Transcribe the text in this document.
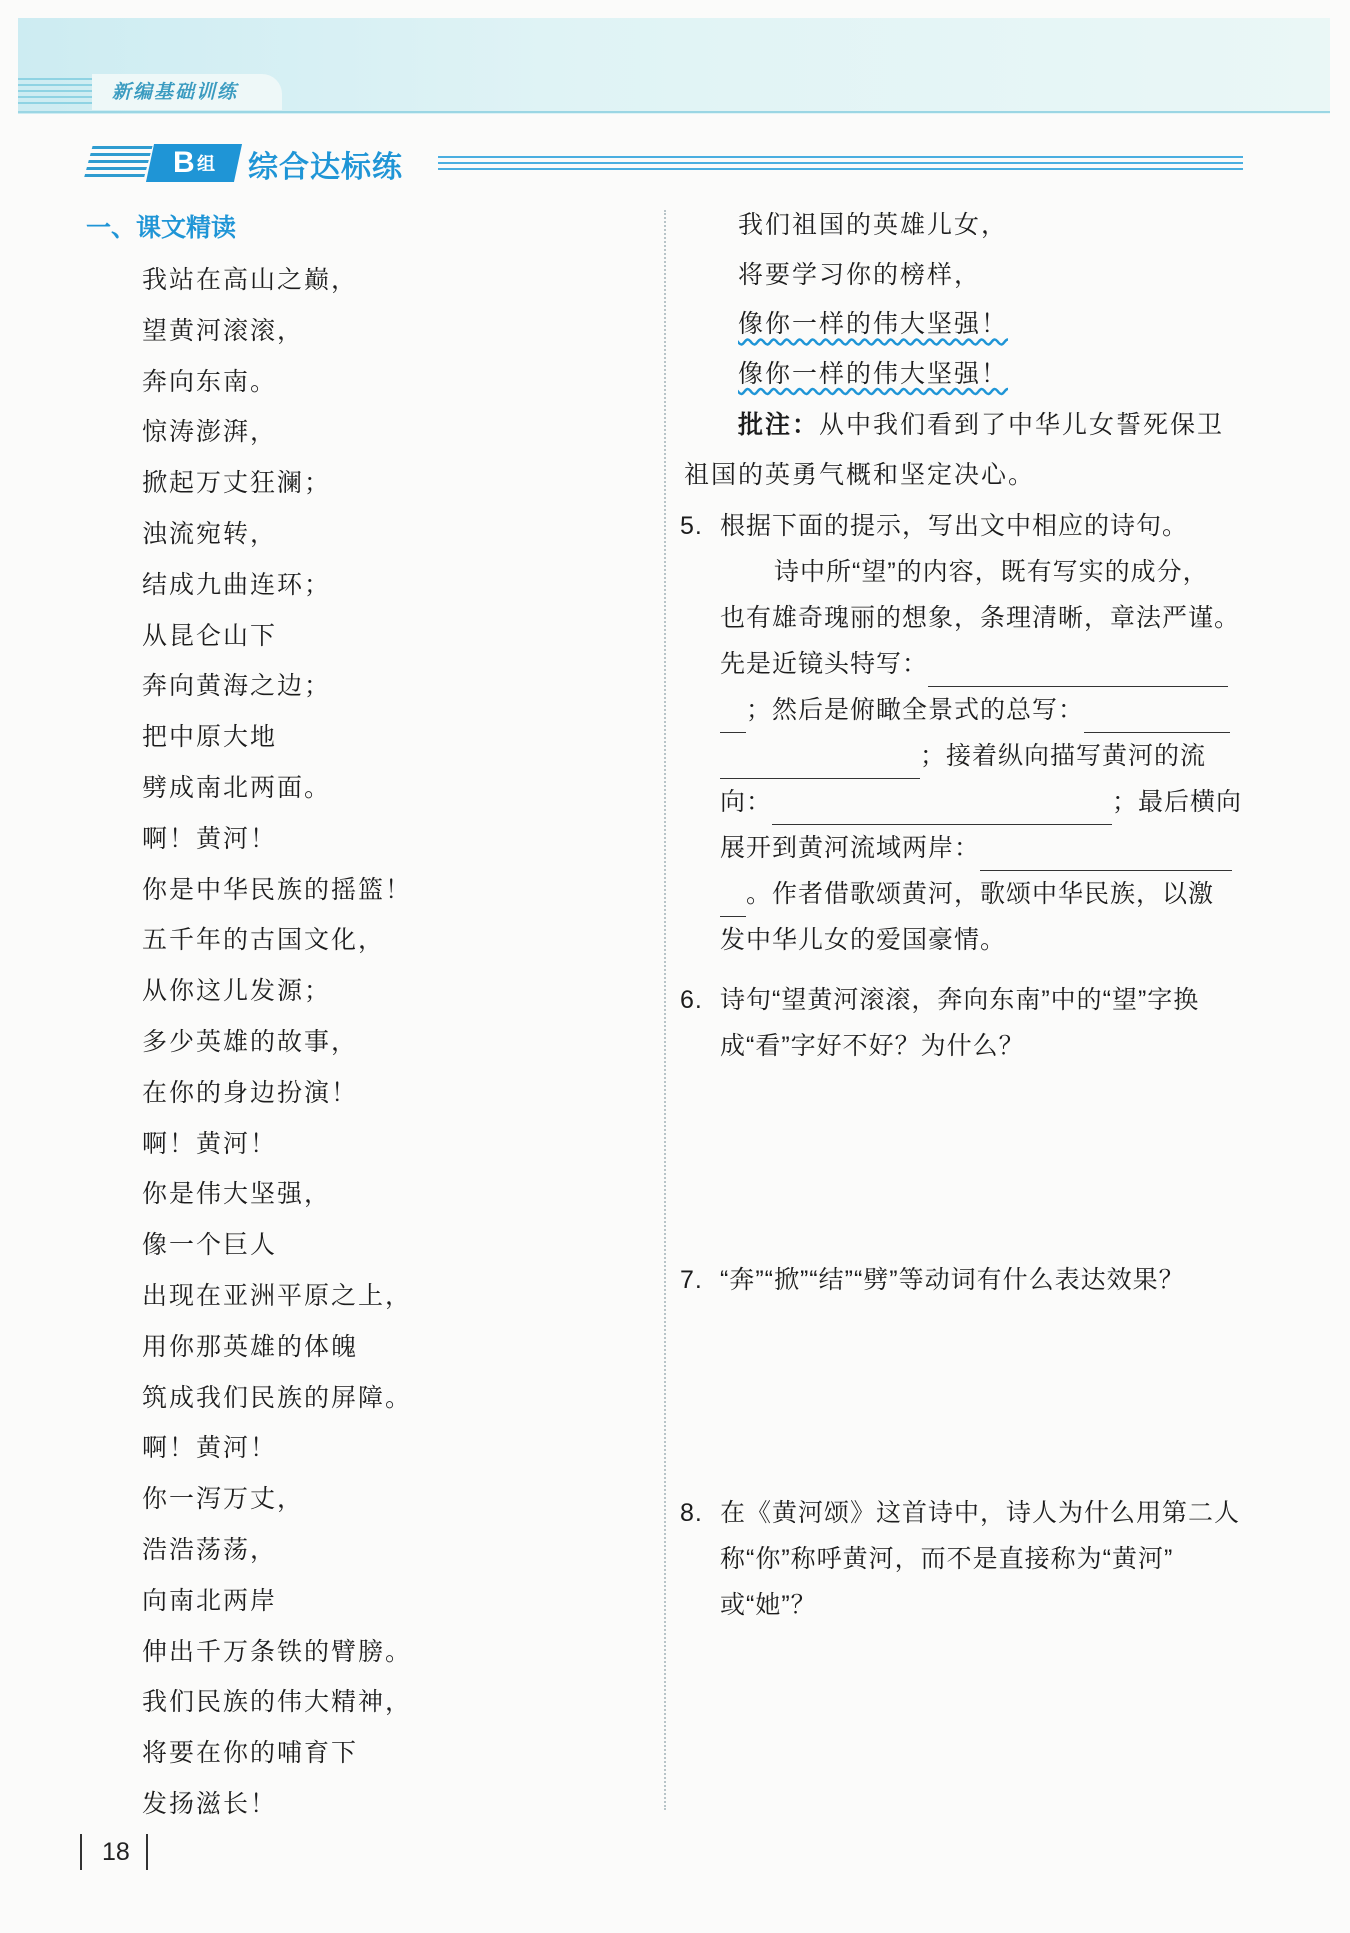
新编基础训练
B 组 综合达标练
一、课文精读
我站在高山之巅，
望黄河滚滚，
奔向东南。
惊涛澎湃，
掀起万丈狂澜；
浊流宛转，
结成九曲连环；
从昆仑山下
奔向黄海之边；
把中原大地
劈成南北两面。
啊！黄河！
你是中华民族的摇篮！
五千年的古国文化，
从你这儿发源；
多少英雄的故事，
在你的身边扮演！
啊！黄河！
你是伟大坚强，
像一个巨人
出现在亚洲平原之上，
用你那英雄的体魄
筑成我们民族的屏障。
啊！黄河！
你一泻万丈，
浩浩荡荡，
向南北两岸
伸出千万条铁的臂膀。
我们民族的伟大精神，
将要在你的哺育下
发扬滋长！
我们祖国的英雄儿女，
将要学习你的榜样，
像你一样的伟大坚强！
像你一样的伟大坚强！
批注：从中我们看到了中华儿女誓死保卫
祖国的英勇气概和坚定决心。
5. 根据下面的提示，写出文中相应的诗句。
诗中所“望”的内容，既有写实的成分，
也有雄奇瑰丽的想象，条理清晰，章法严谨。
先是近镜头特写：
；然后是俯瞰全景式的总写：
；接着纵向描写黄河的流
向：	；最后横向
展开到黄河流域两岸：
。作者借歌颂黄河，歌颂中华民族，以激
发中华儿女的爱国豪情。
6. 诗句“望黄河滚滚，奔向东南”中的“望”字换
成“看”字好不好？为什么？
7. “奔”“掀”“结”“劈”等动词有什么表达效果？
8. 在《黄河颂》这首诗中，诗人为什么用第二人
称“你”称呼黄河，而不是直接称为“黄河”
或“她”？
18
